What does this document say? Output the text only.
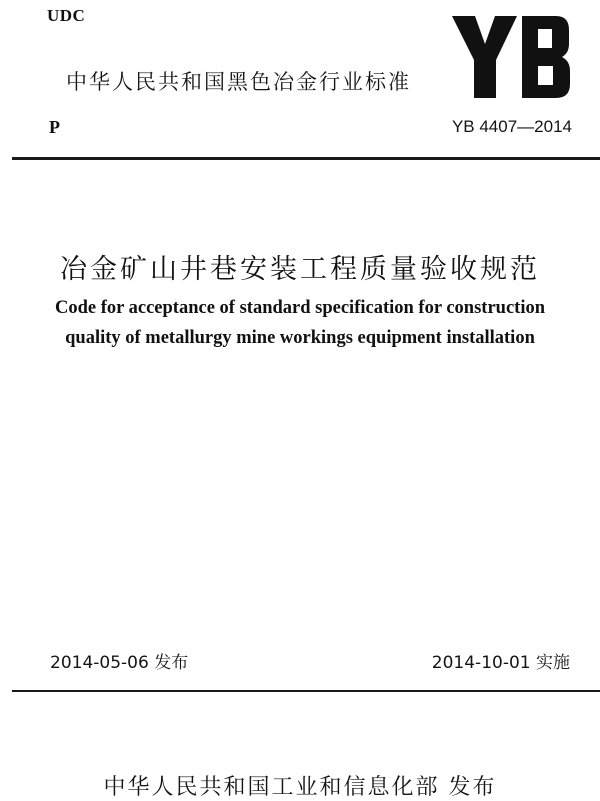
UDC
中华人民共和国黑色冶金行业标准
P	YB 4407—2014
冶金矿山井巷安装工程质量验收规范
Code for acceptance of standard specification for construction
quality of metallurgy mine workings equipment installation
2014-05-06 发布	2014-10-01 实施
中华人民共和国工业和信息化部 发布
